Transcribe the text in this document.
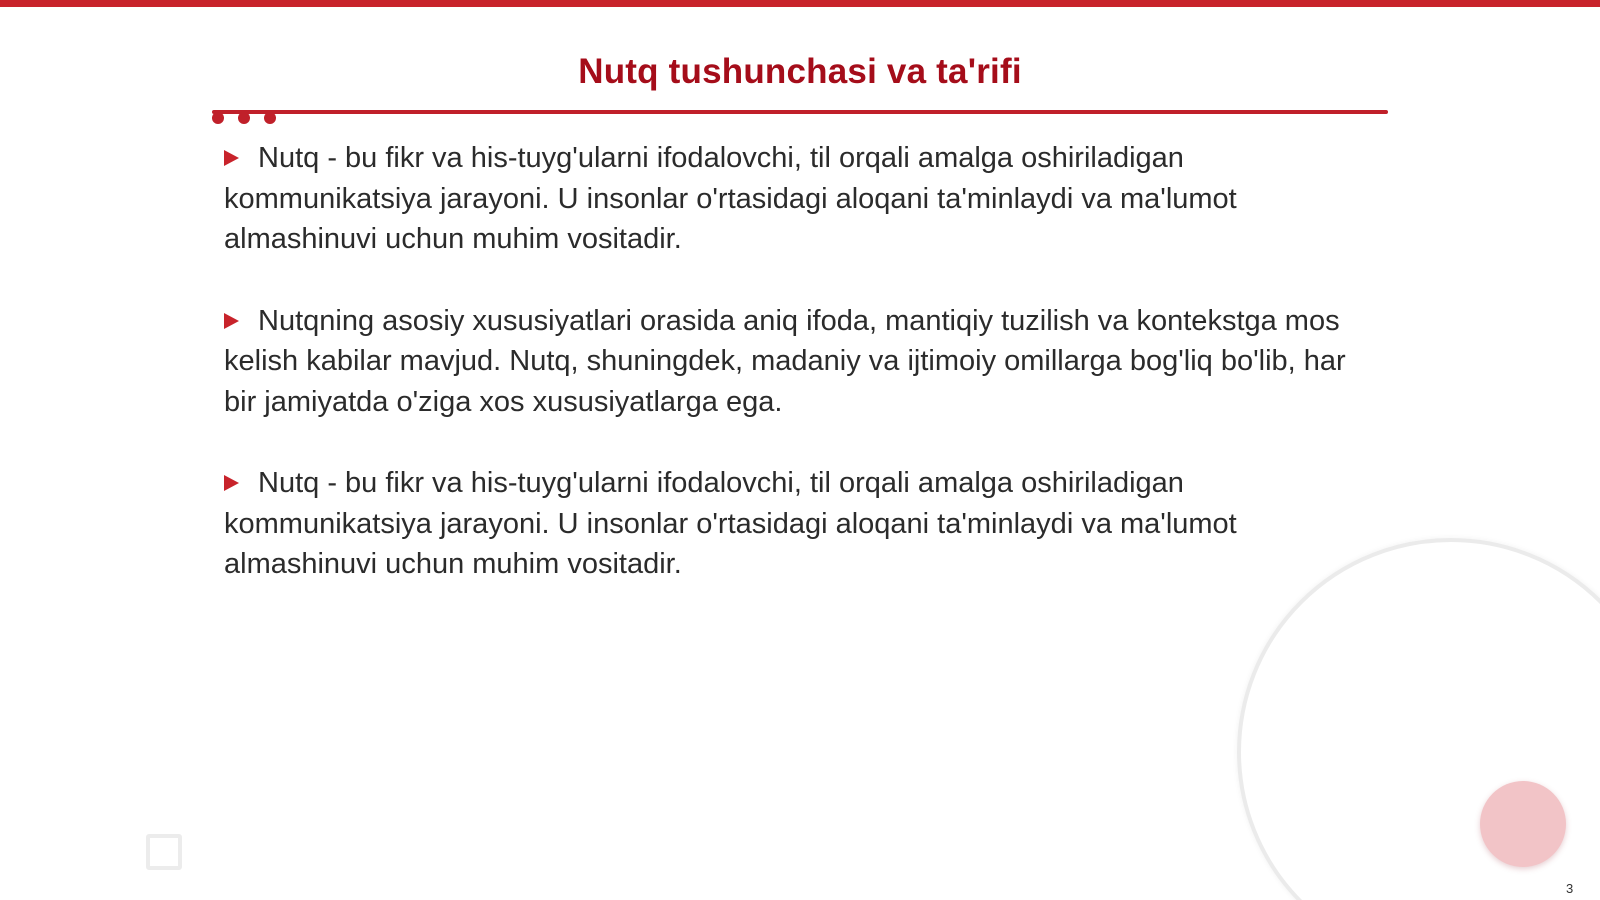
Nutq tushunchasi va ta'rifi

Nutq - bu fikr va his-tuyg'ularni ifodalovchi, til orqali amalga oshiriladigan kommunikatsiya jarayoni. U insonlar o'rtasidagi aloqani ta'minlaydi va ma'lumot almashinuvi uchun muhim vositadir.

Nutqning asosiy xususiyatlari orasida aniq ifoda, mantiqiy tuzilish va kontekstga mos kelish kabilar mavjud. Nutq, shuningdek, madaniy va ijtimoiy omillarga bog'liq bo'lib, har bir jamiyatda o'ziga xos xususiyatlarga ega.

Nutq - bu fikr va his-tuyg'ularni ifodalovchi, til orqali amalga oshiriladigan kommunikatsiya jarayoni. U insonlar o'rtasidagi aloqani ta'minlaydi va ma'lumot almashinuvi uchun muhim vositadir.

3
